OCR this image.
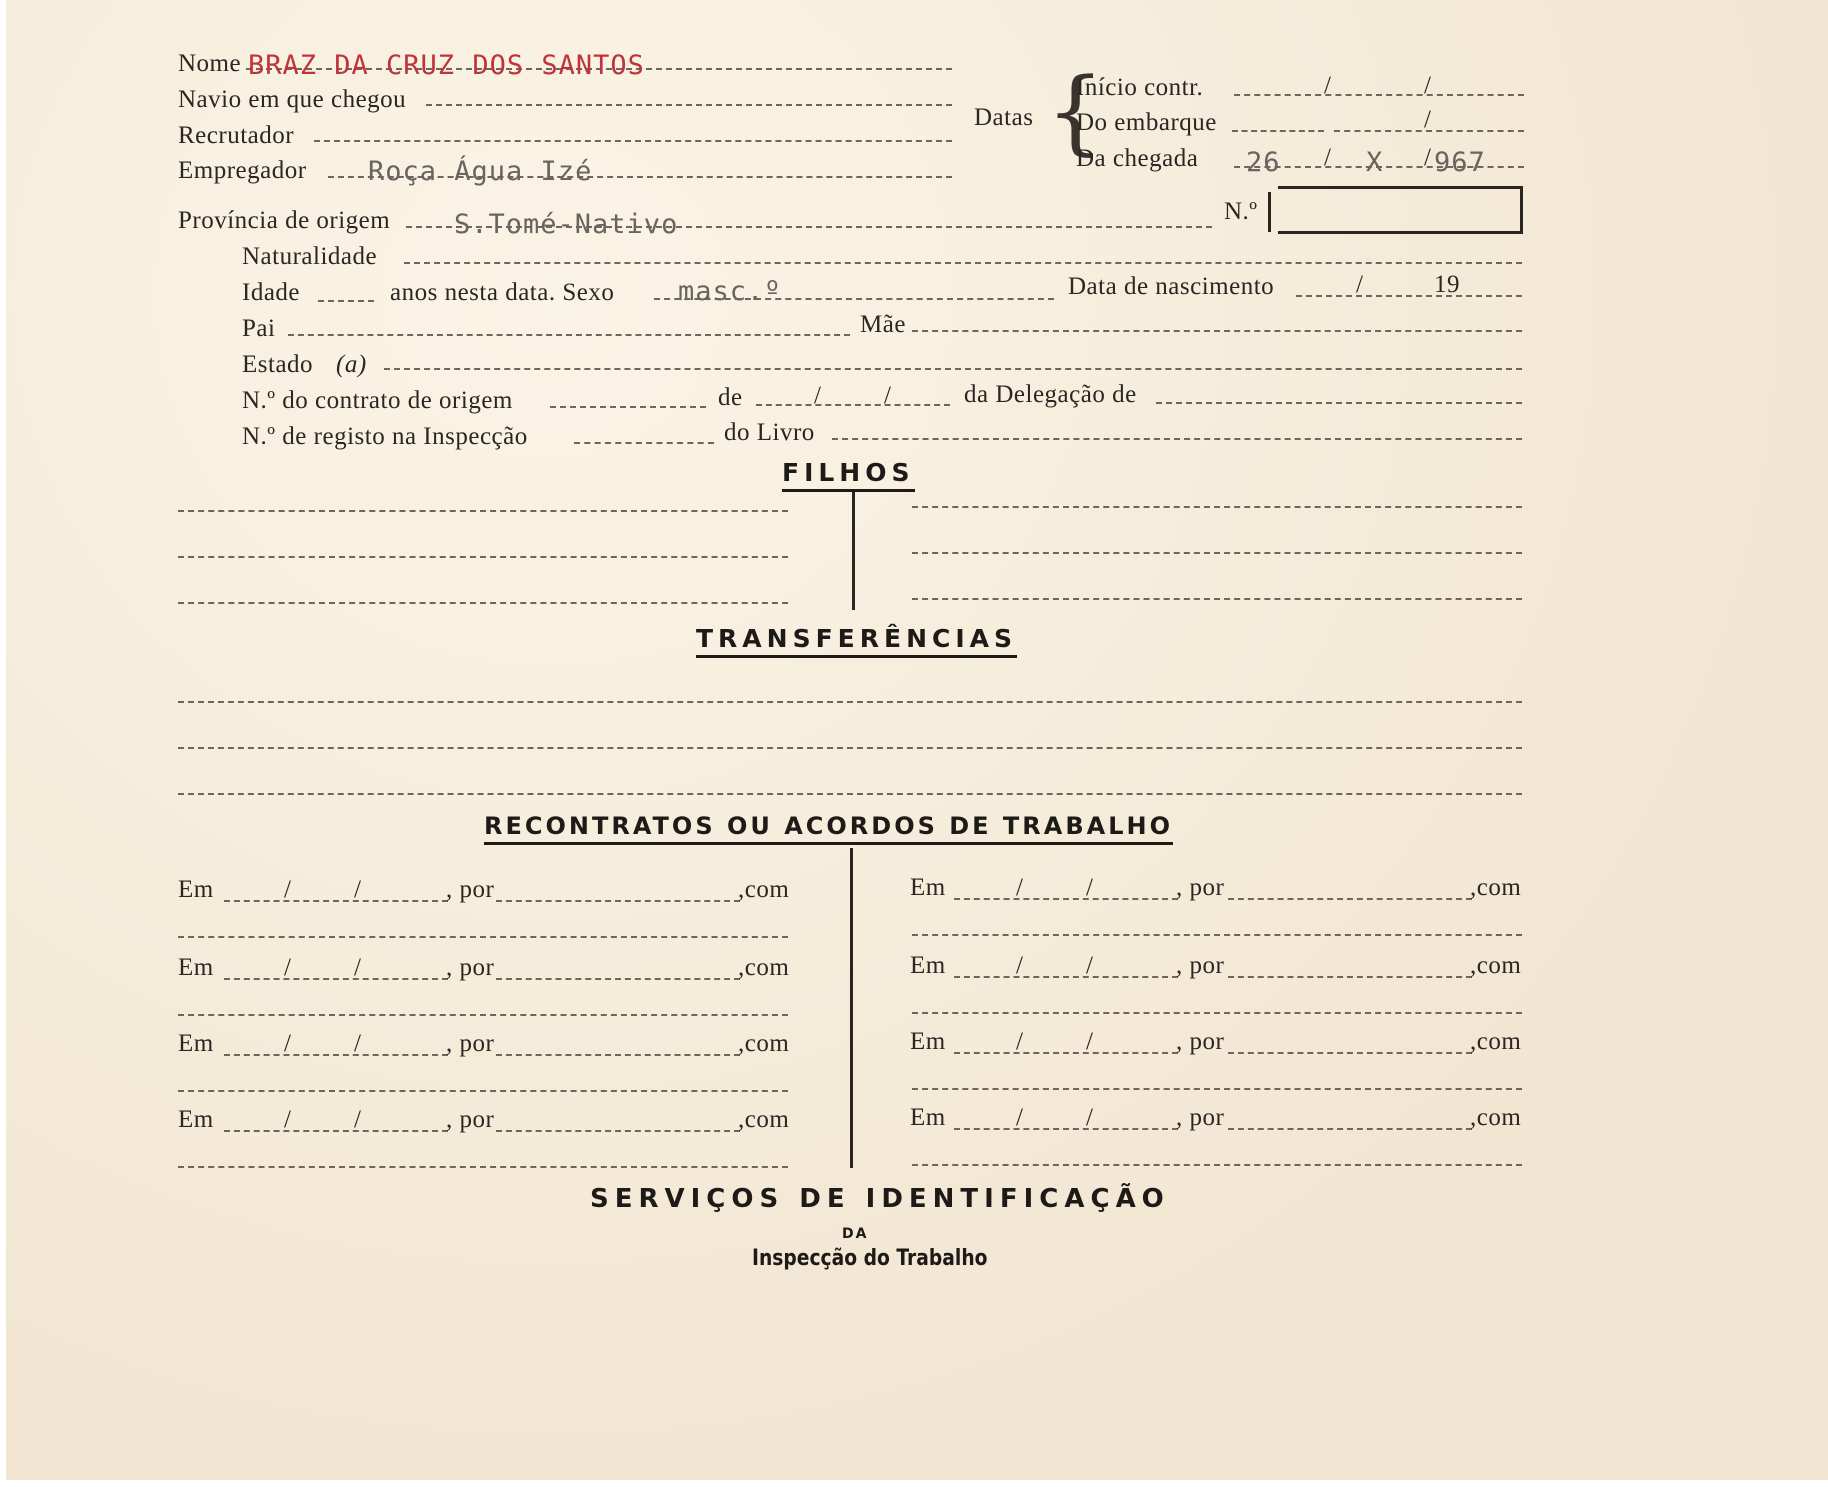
Nome BRAZ DA CRUZ DOS SANTOS
Navio em que chegou
Recrutador
Empregador Roça Água Izé
Datas {
Início contr.	/	/
Do embarque	/
Da chegada 26 / X / 967
Província de origem S.Tomé-Nativo	N.º
Naturalidade
Idade	anos nesta data. Sexo masc.º	Data de nascimento	/	19
Pai	Mãe
Estado (a)
N.º do contrato de origem	de	/	/	da Delegação de
N.º de registo na Inspecção	do Livro
FILHOS
TRANSFERÊNCIAS
RECONTRATOS OU ACORDOS DE TRABALHO
Em	/	/	, por	,com
Em	/	/	, por	,com
Em	/	/	, por	,com
Em	/	/	, por	,com
Em	/	/	, por	,com
Em	/	/	, por	,com
Em	/	/	, por	,com
Em	/	/	, por	,com
SERVIÇOS DE IDENTIFICAÇÃO
DA
Inspecção do Trabalho
